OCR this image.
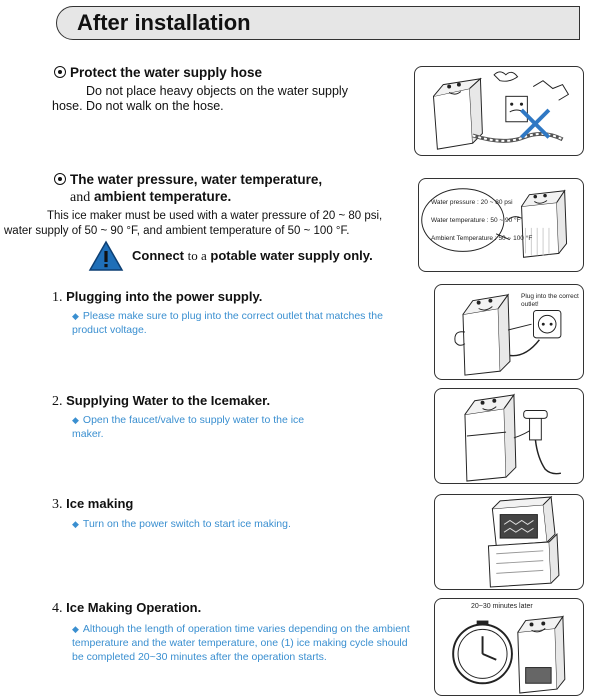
After installation
Protect the water supply hose
Do not place heavy objects on the water supply
hose. Do not walk on the hose.
The water pressure, water temperature,
and ambient temperature.
This ice maker must be used with a water pressure of 20 ~ 80 psi,
water supply of 50 ~ 90 °F, and ambient temperature of 50 ~ 100 °F.
Connect to a potable water supply only.
Water pressure : 20 ~ 80 psi
Water temperature : 50 ~ 90 °F
Ambient Temperature : 50 ~ 100 °F
1. Plugging into the power supply.
◆ Please make sure to plug into the correct outlet that matches the product voltage.
Plug into the correct outlet!
2. Supplying Water to the Icemaker.
◆ Open the faucet/valve to supply water to the ice maker.
3. Ice making
◆ Turn on the power switch to start ice making.
4. Ice Making Operation.
◆ Although the length of operation time varies depending on the ambient temperature and the water temperature, one (1) ice making cycle should be completed 20~30 minutes after the operation starts.
20~30 minutes later
